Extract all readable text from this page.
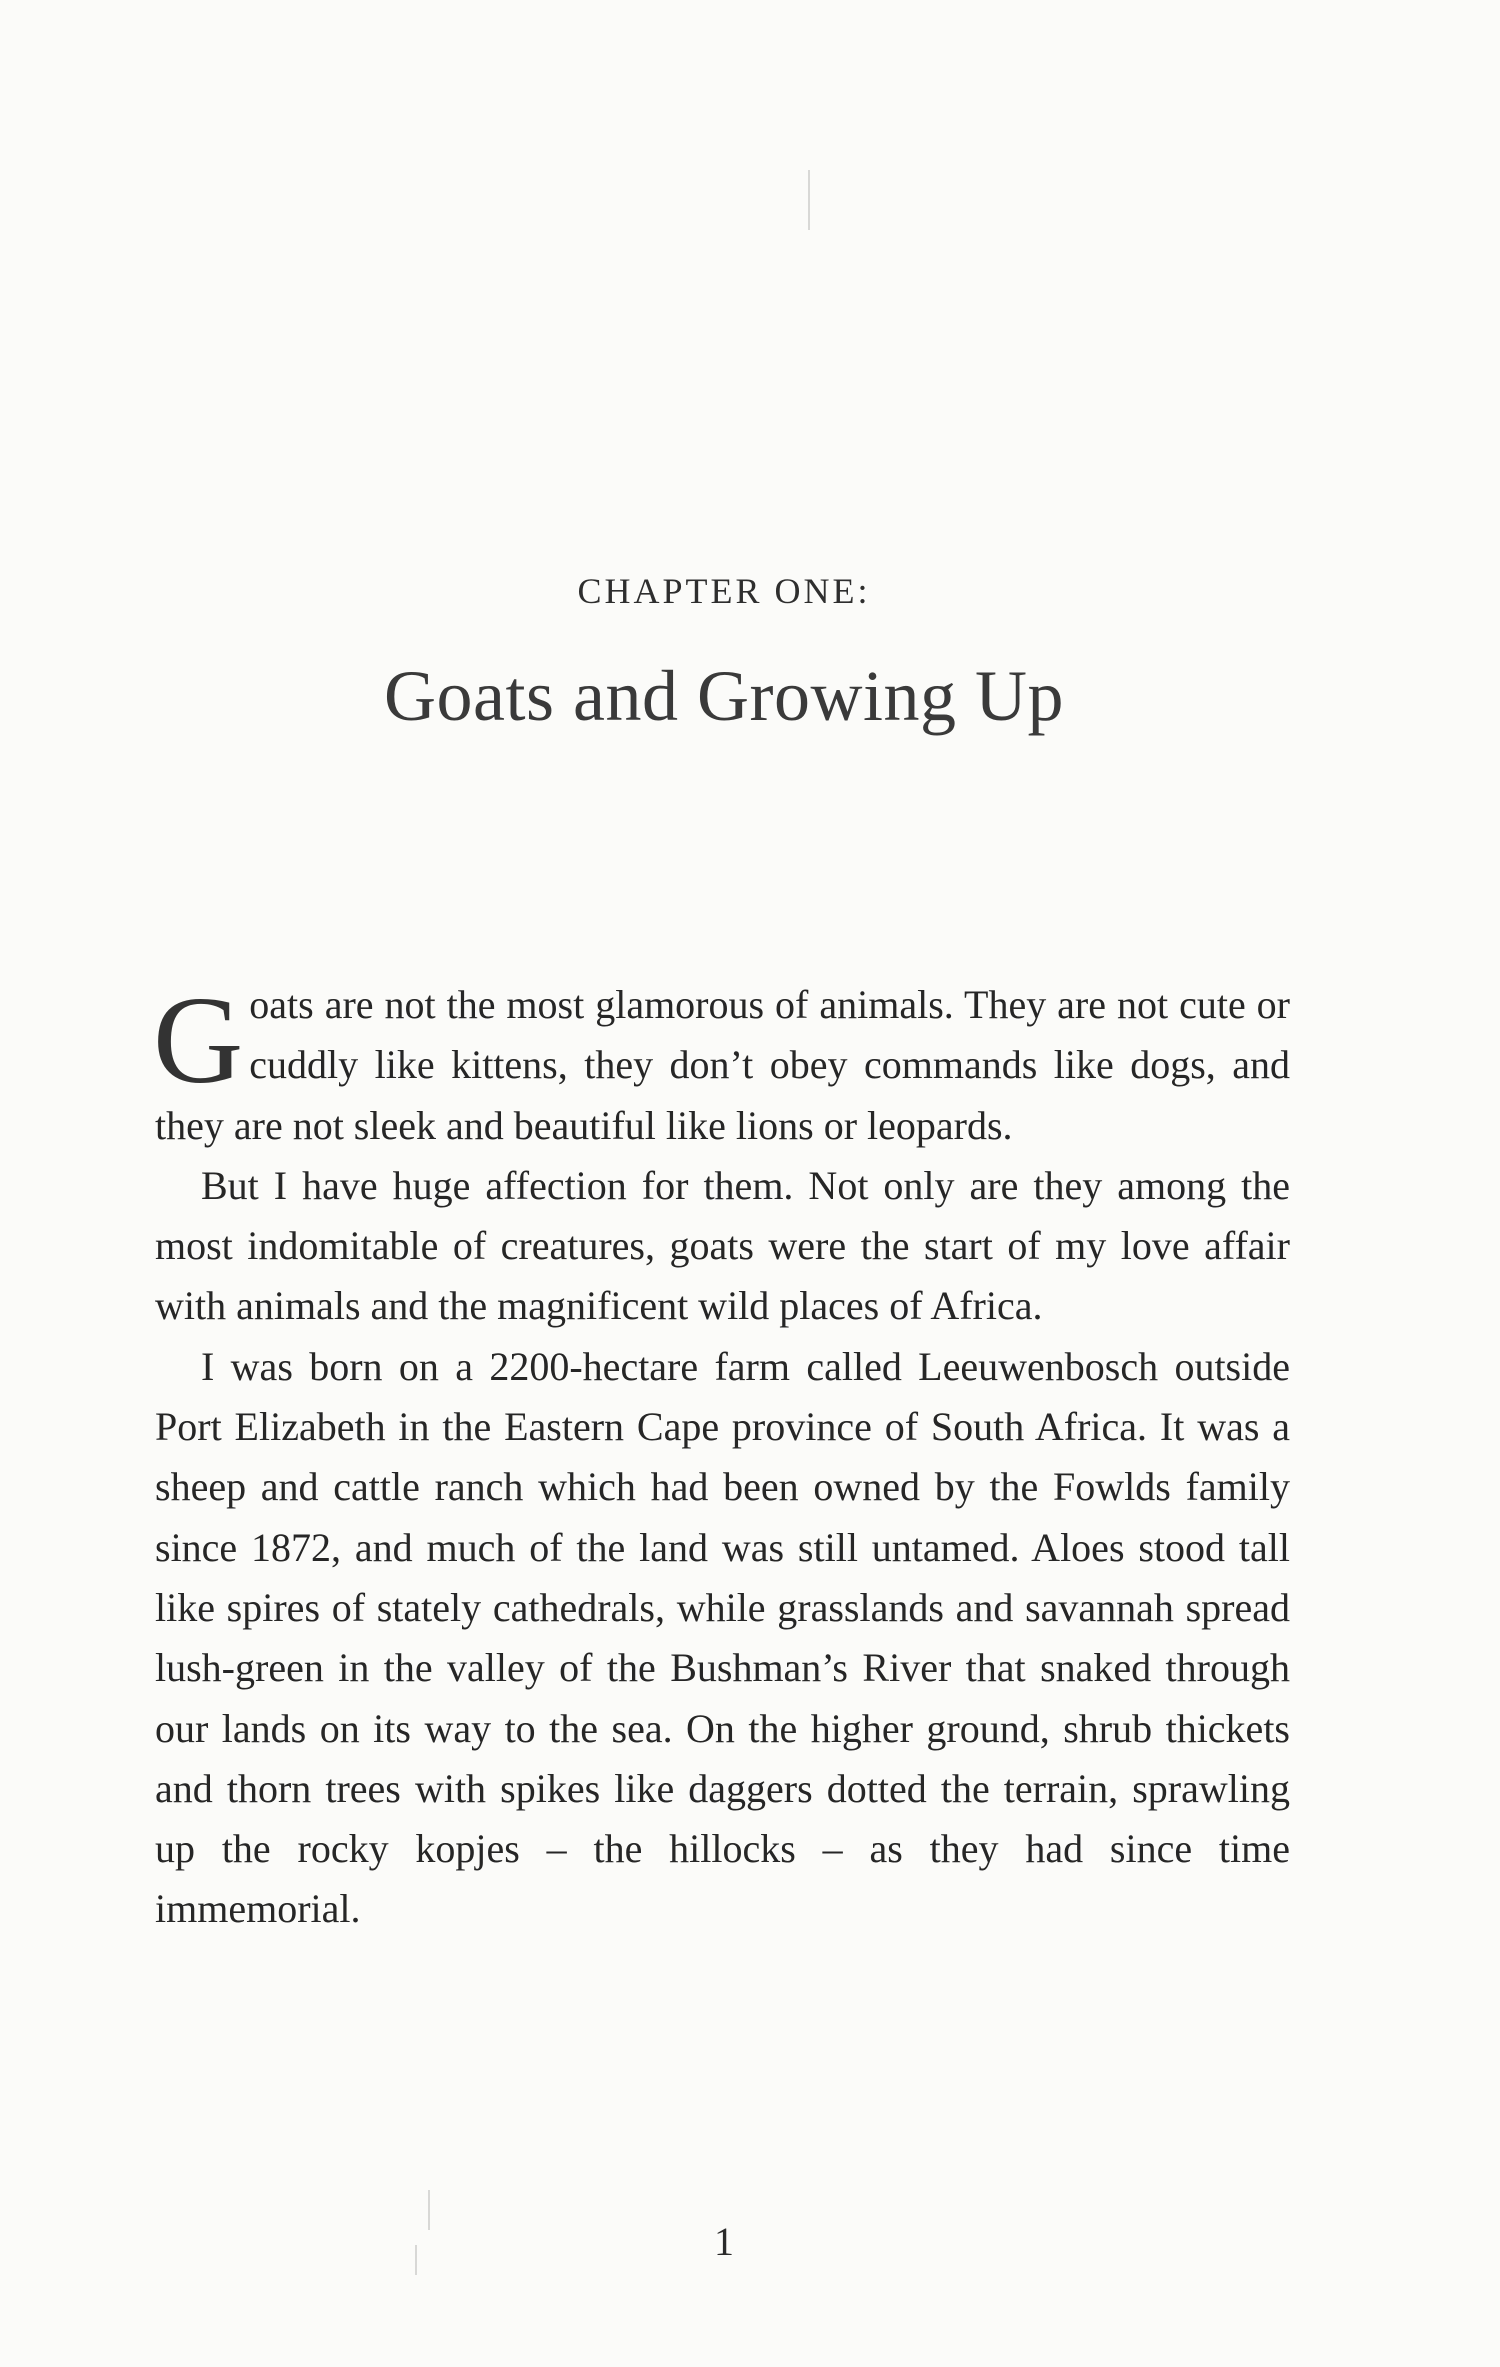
CHAPTER ONE:
Goats and Growing Up

Goats are not the most glamorous of animals. They are not cute or cuddly like kittens, they don’t obey commands like dogs, and they are not sleek and beautiful like lions or leopards.

But I have huge affection for them. Not only are they among the most indomitable of creatures, goats were the start of my love affair with animals and the magnificent wild places of Africa.

I was born on a 2200-hectare farm called Leeuwenbosch outside Port Elizabeth in the Eastern Cape province of South Africa. It was a sheep and cattle ranch which had been owned by the Fowlds family since 1872, and much of the land was still untamed. Aloes stood tall like spires of stately cathedrals, while grasslands and savannah spread lush-green in the valley of the Bushman’s River that snaked through our lands on its way to the sea. On the higher ground, shrub thickets and thorn trees with spikes like daggers dotted the terrain, sprawling up the rocky kopjes – the hillocks – as they had since time immemorial.

1
